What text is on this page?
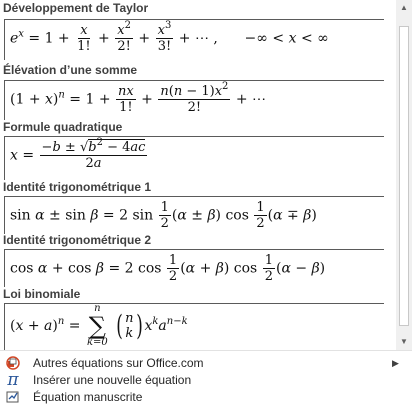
Développement de Taylor
$e^x = 1 + \frac{x}{1!} + \frac{x^2}{2!} + \frac{x^3}{3!}$ + ⋯ ,      −∞ < x < ∞
Élévation d’une somme
$(1 + x)^n = 1 + \frac{nx}{1!} + \frac{n(n - 1)x^2}{2!}$ + ⋯
Formule quadratique
$x = \frac{-b \pm √b^2 - 4ac}{2a}$
Identité trigonométrique 1
sin α ± sin β = 2 $\sin \frac{1}{2} (\alpha \pm \beta)$ $\cos \frac{1}{2} (\alpha \mp \beta)$
Identité trigonométrique 2
cos α + cos β = 2 $\cos \frac{1}{2} (\alpha + \beta)$ $\cos \frac{1}{2} (\alpha - \beta)$
Loi binomiale
$(x + a)^n$ =
n
∑
k=0

( n
k ) $x^ka^{n-k}$
▲
▼
Autres équations sur Office.com	▶
π Insérer une nouvelle équation
Équation manuscrite
